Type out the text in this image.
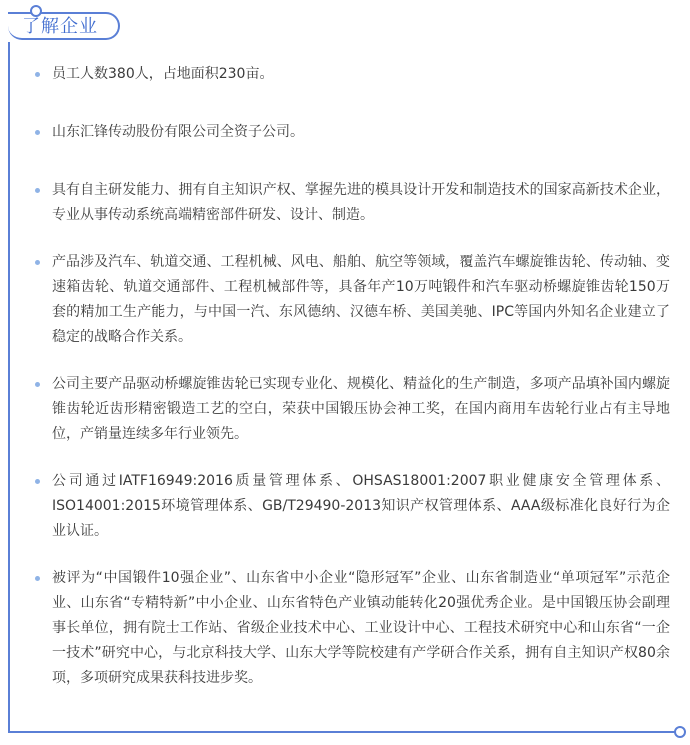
了解企业
员工人数380人，占地面积230亩。
山东汇锋传动股份有限公司全资子公司。
具有自主研发能力、拥有自主知识产权、掌握先进的模具设计开发和制造技术的国家高新技术企业，专业从事传动系统高端精密部件研发、设计、制造。
产品涉及汽车、轨道交通、工程机械、风电、船舶、航空等领域，覆盖汽车螺旋锥齿轮、传动轴、变速箱齿轮、轨道交通部件、工程机械部件等，具备年产10万吨锻件和汽车驱动桥螺旋锥齿轮150万套的精加工生产能力，与中国一汽、东风德纳、汉德车桥、美国美驰、IPC等国内外知名企业建立了稳定的战略合作关系。
公司主要产品驱动桥螺旋锥齿轮已实现专业化、规模化、精益化的生产制造，多项产品填补国内螺旋锥齿轮近齿形精密锻造工艺的空白，荣获中国锻压协会神工奖，在国内商用车齿轮行业占有主导地位，产销量连续多年行业领先。
公司通过IATF16949:2016质量管理体系、OHSAS18001:2007职业健康安全管理体系、ISO14001:2015环境管理体系、GB/T29490-2013知识产权管理体系、AAA级标准化良好行为企业认证。
被评为“中国锻件10强企业”、山东省中小企业“隐形冠军”企业、山东省制造业“单项冠军”示范企业、山东省“专精特新”中小企业、山东省特色产业镇动能转化20强优秀企业。是中国锻压协会副理事长单位，拥有院士工作站、省级企业技术中心、工业设计中心、工程技术研究中心和山东省“一企一技术”研究中心，与北京科技大学、山东大学等院校建有产学研合作关系，拥有自主知识产权80余项，多项研究成果获科技进步奖。
